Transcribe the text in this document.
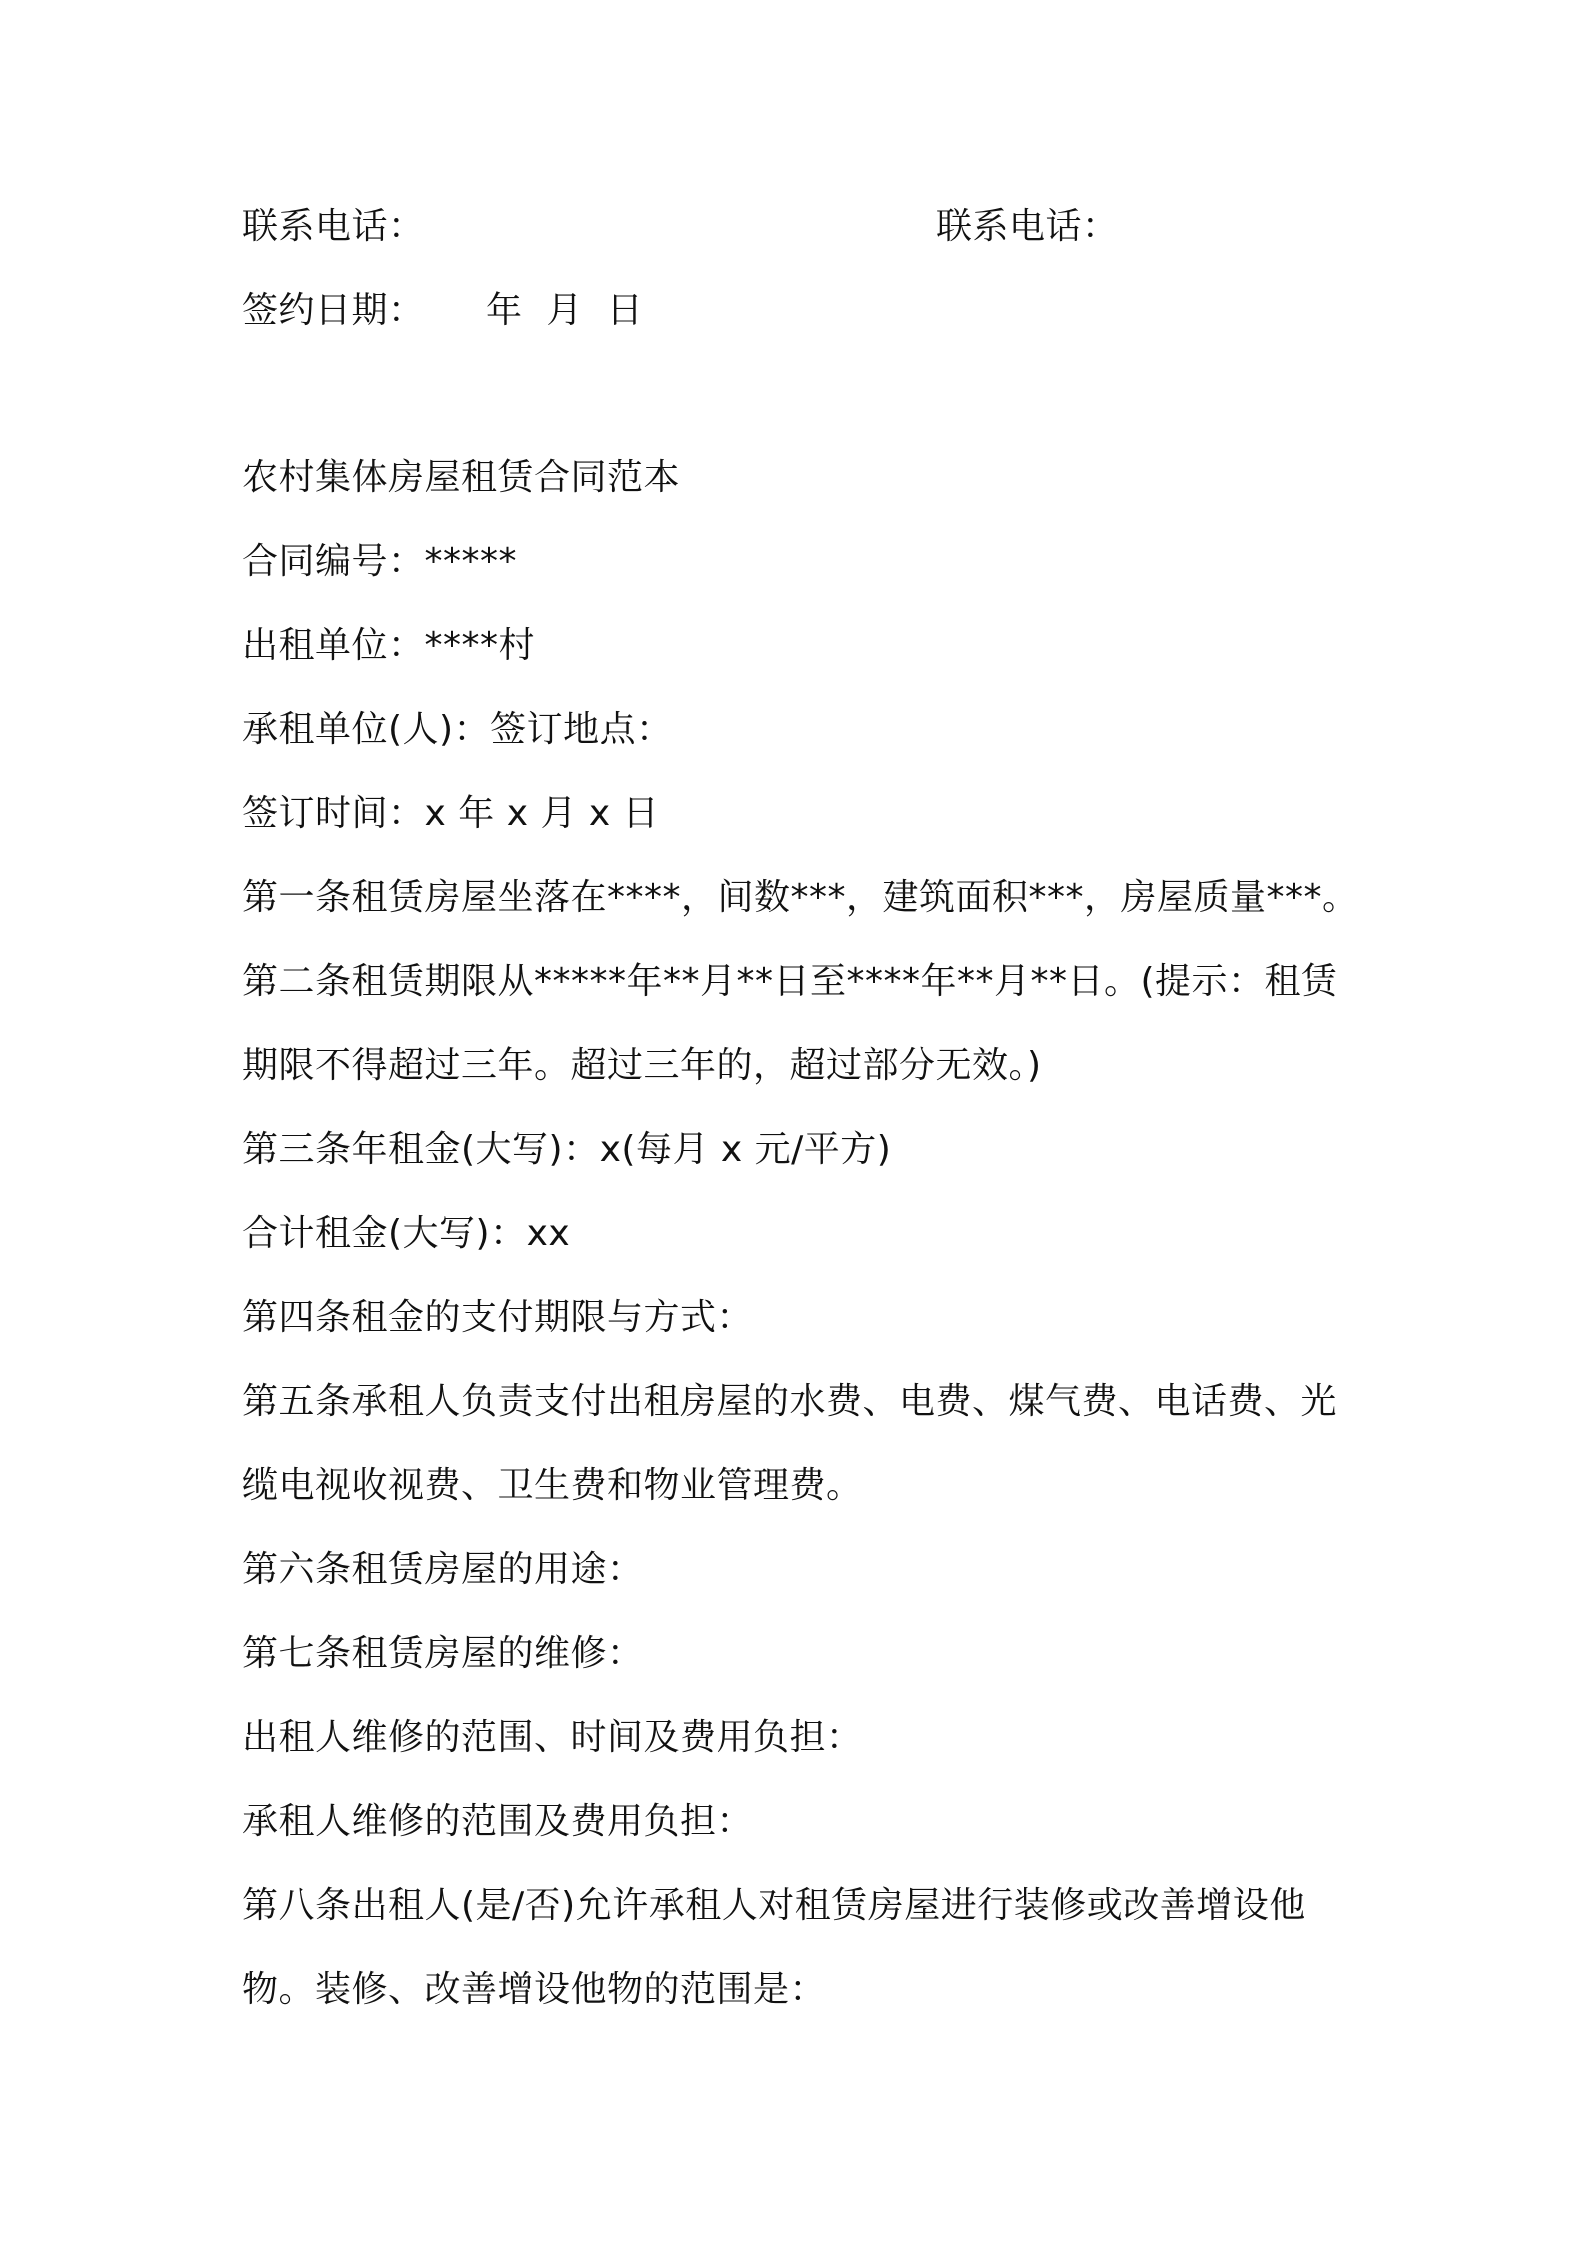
联系电话：	联系电话：
签约日期： 年  月  日
农村集体房屋租赁合同范本
合同编号：*****
出租单位：****村
承租单位(人)：签订地点：
签订时间：x 年 x 月 x 日
第一条租赁房屋坐落在****，间数***，建筑面积***，房屋质量***。
第二条租赁期限从*****年**月**日至****年**月**日。(提示：租赁
期限不得超过三年。超过三年的，超过部分无效。)
第三条年租金(大写)：x(每月 x 元/平方)
合计租金(大写)：xx
第四条租金的支付期限与方式：
第五条承租人负责支付出租房屋的水费、电费、煤气费、电话费、光
缆电视收视费、卫生费和物业管理费。
第六条租赁房屋的用途：
第七条租赁房屋的维修：
出租人维修的范围、时间及费用负担：
承租人维修的范围及费用负担：
第八条出租人(是/否)允许承租人对租赁房屋进行装修或改善增设他
物。装修、改善增设他物的范围是：
